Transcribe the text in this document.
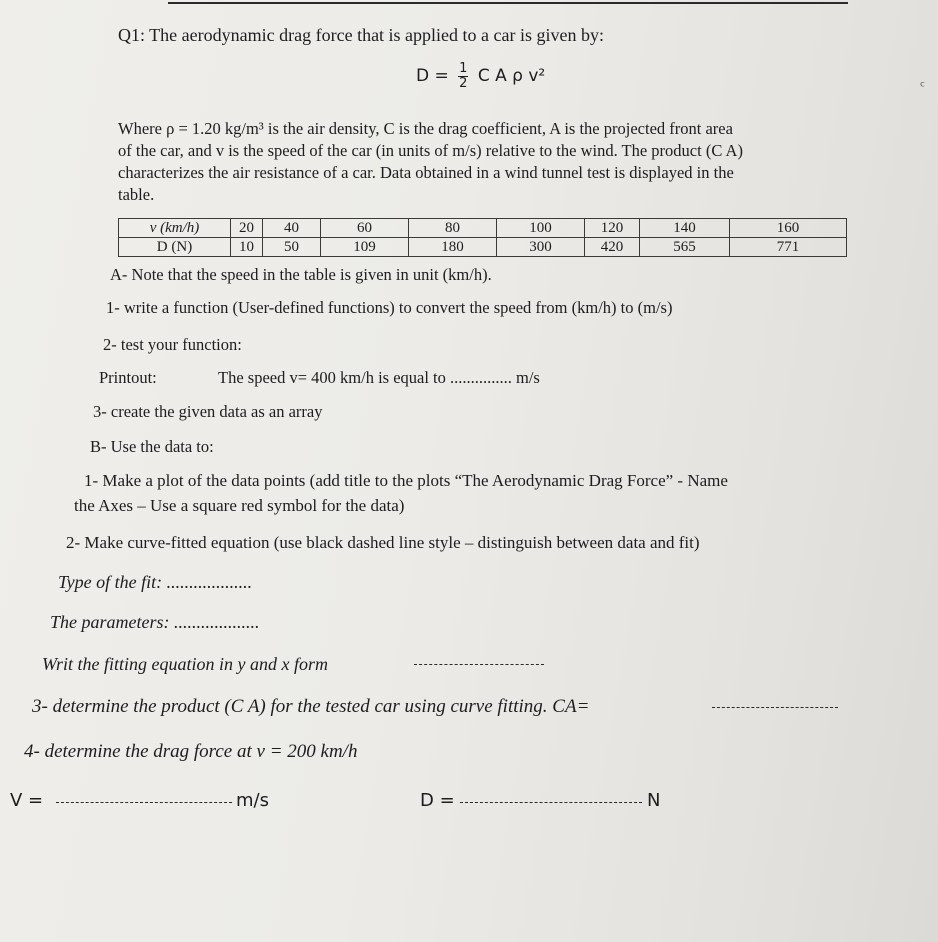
Q1: The aerodynamic drag force that is applied to a car is given by:
$D = \frac{1}{2}$ C A ρ v²

Where ρ = 1.20 kg/m³ is the air density, C is the drag coefficient, A is the projected front area

of the car, and v is the speed of the car (in units of m/s) relative to the wind. The product (C A)

characterizes the air resistance of a car. Data obtained in a wind tunnel test is displayed in the

table.

v (km/h)	20	40	60	80	100	120	140	160
D (N)	10	50	109	180	300	420	565	771
A- Note that the speed in the table is given in unit (km/h).
1- write a function (User-defined functions) to convert the speed from (km/h) to (m/s)
2- test your function:
Printout:	The speed v= 400 km/h is equal to ............... m/s
3- create the given data as an array
B- Use the data to:
1- Make a plot of the data points (add title to the plots “The Aerodynamic Drag Force” - Name
the Axes – Use a square red symbol for the data)
2- Make curve-fitted equation (use black dashed line style – distinguish between data and fit)
Type of the fit: ...................
The parameters: ...................
Writ the fitting equation in y and x form
3- determine the product (C A) for the tested car using curve fitting. CA=
4- determine the drag force at v = 200 km/h
V =	m/s	D =	N
ᶜ
